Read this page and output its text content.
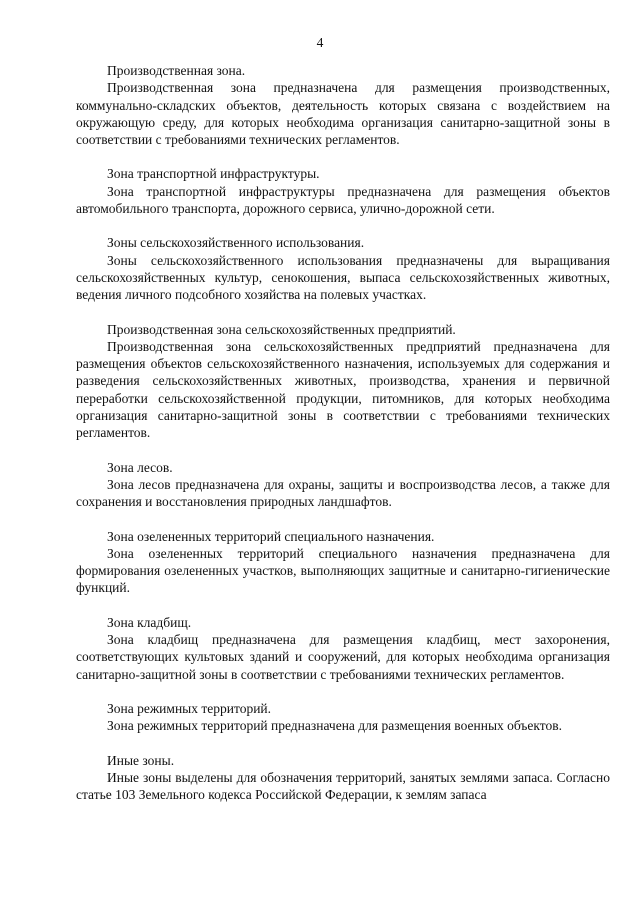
4

Производственная зона.

Производственная зона предназначена для размещения производственных, коммунально-складских объектов, деятельность которых связана с воздействием на окружающую среду, для которых необходима организация санитарно-защитной зоны в соответствии с требованиями технических регламентов.

Зона транспортной инфраструктуры.

Зона транспортной инфраструктуры предназначена для размещения объектов автомобильного транспорта, дорожного сервиса, улично-дорожной сети.

Зоны сельскохозяйственного использования.

Зоны сельскохозяйственного использования предназначены для выращивания сельскохозяйственных культур, сенокошения, выпаса сельскохозяйственных животных, ведения личного подсобного хозяйства на полевых участках.

Производственная зона сельскохозяйственных предприятий.

Производственная зона сельскохозяйственных предприятий предназначена для размещения объектов сельскохозяйственного назначения, используемых для содержания и разведения сельскохозяйственных животных, производства, хранения и первичной переработки сельскохозяйственной продукции, питомников, для которых необходима организация санитарно-защитной зоны в соответствии с требованиями технических регламентов.

Зона лесов.

Зона лесов предназначена для охраны, защиты и воспроизводства лесов, а также для сохранения и восстановления природных ландшафтов.

Зона озелененных территорий специального назначения.

Зона озелененных территорий специального назначения предназначена для формирования озелененных участков, выполняющих защитные и санитарно-гигиенические функций.

Зона кладбищ.

Зона кладбищ предназначена для размещения кладбищ, мест захоронения, соответствующих культовых зданий и сооружений, для которых необходима организация санитарно-защитной зоны в соответствии с требованиями технических регламентов.

Зона режимных территорий.

Зона режимных территорий предназначена для размещения военных объектов.

Иные зоны.

Иные зоны выделены для обозначения территорий, занятых землями запаса. Согласно статье 103 Земельного кодекса Российской Федерации, к землям запаса
